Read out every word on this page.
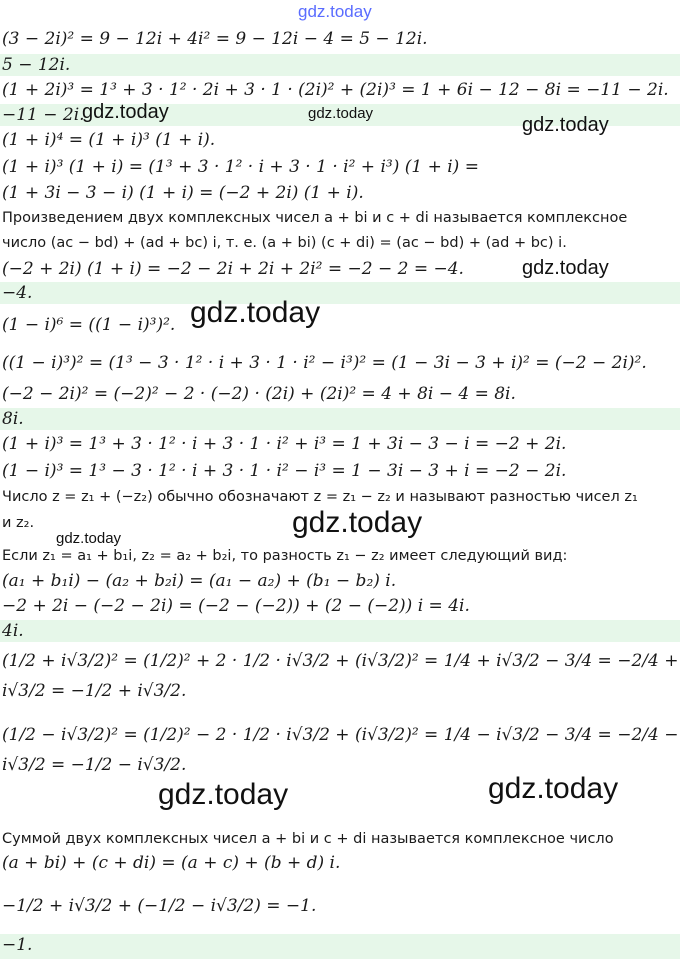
gdz.today
(3 − 2i)² = 9 − 12i + 4i² = 9 − 12i − 4 = 5 − 12i.
5 − 12i.
(1 + 2i)³ = 1³ + 3 · 1² · 2i + 3 · 1 · (2i)² + (2i)³ = 1 + 6i − 12 − 8i = −11 − 2i.
−11 − 2i.
(1 + i)⁴ = (1 + i)³ (1 + i).
(1 + i)³ (1 + i) = (1³ + 3 · 1² · i + 3 · 1 · i² + i³) (1 + i) =
(1 + 3i − 3 − i) (1 + i) = (−2 + 2i) (1 + i).
Произведением двух комплексных чисел a + bi и c + di называется комплексное
число (ac − bd) + (ad + bc) i, т. е. (a + bi) (c + di) = (ac − bd) + (ad + bc) i.
(−2 + 2i) (1 + i) = −2 − 2i + 2i + 2i² = −2 − 2 = −4.
−4.
(1 − i)⁶ = ((1 − i)³)².
((1 − i)³)² = (1³ − 3 · 1² · i + 3 · 1 · i² − i³)² = (1 − 3i − 3 + i)² = (−2 − 2i)².
(−2 − 2i)² = (−2)² − 2 · (−2) · (2i) + (2i)² = 4 + 8i − 4 = 8i.
8i.
(1 + i)³ = 1³ + 3 · 1² · i + 3 · 1 · i² + i³ = 1 + 3i − 3 − i = −2 + 2i.
(1 − i)³ = 1³ − 3 · 1² · i + 3 · 1 · i² − i³ = 1 − 3i − 3 + i = −2 − 2i.
Число z = z₁ + (−z₂) обычно обозначают z = z₁ − z₂ и называют разностью чисел z₁
и z₂.
Если z₁ = a₁ + b₁i, z₂ = a₂ + b₂i, то разность z₁ − z₂ имеет следующий вид:
(a₁ + b₁i) − (a₂ + b₂i) = (a₁ − a₂) + (b₁ − b₂) i.
−2 + 2i − (−2 − 2i) = (−2 − (−2)) + (2 − (−2)) i = 4i.
4i.
(1/2 + i√3/2)² = (1/2)² + 2 · 1/2 · i√3/2 + (i√3/2)² = 1/4 + i√3/2 − 3/4 = −2/4 +
i√3/2 = −1/2 + i√3/2.
(1/2 − i√3/2)² = (1/2)² − 2 · 1/2 · i√3/2 + (i√3/2)² = 1/4 − i√3/2 − 3/4 = −2/4 −
i√3/2 = −1/2 − i√3/2.
Суммой двух комплексных чисел a + bi и c + di называется комплексное число
(a + bi) + (c + di) = (a + c) + (b + d) i.
−1/2 + i√3/2 + (−1/2 − i√3/2) = −1.
−1.
gdz.today	gdz.today
gdz.today
gdz.today
gdz.today
gdz.today
gdz.today
gdz.today	gdz.today
